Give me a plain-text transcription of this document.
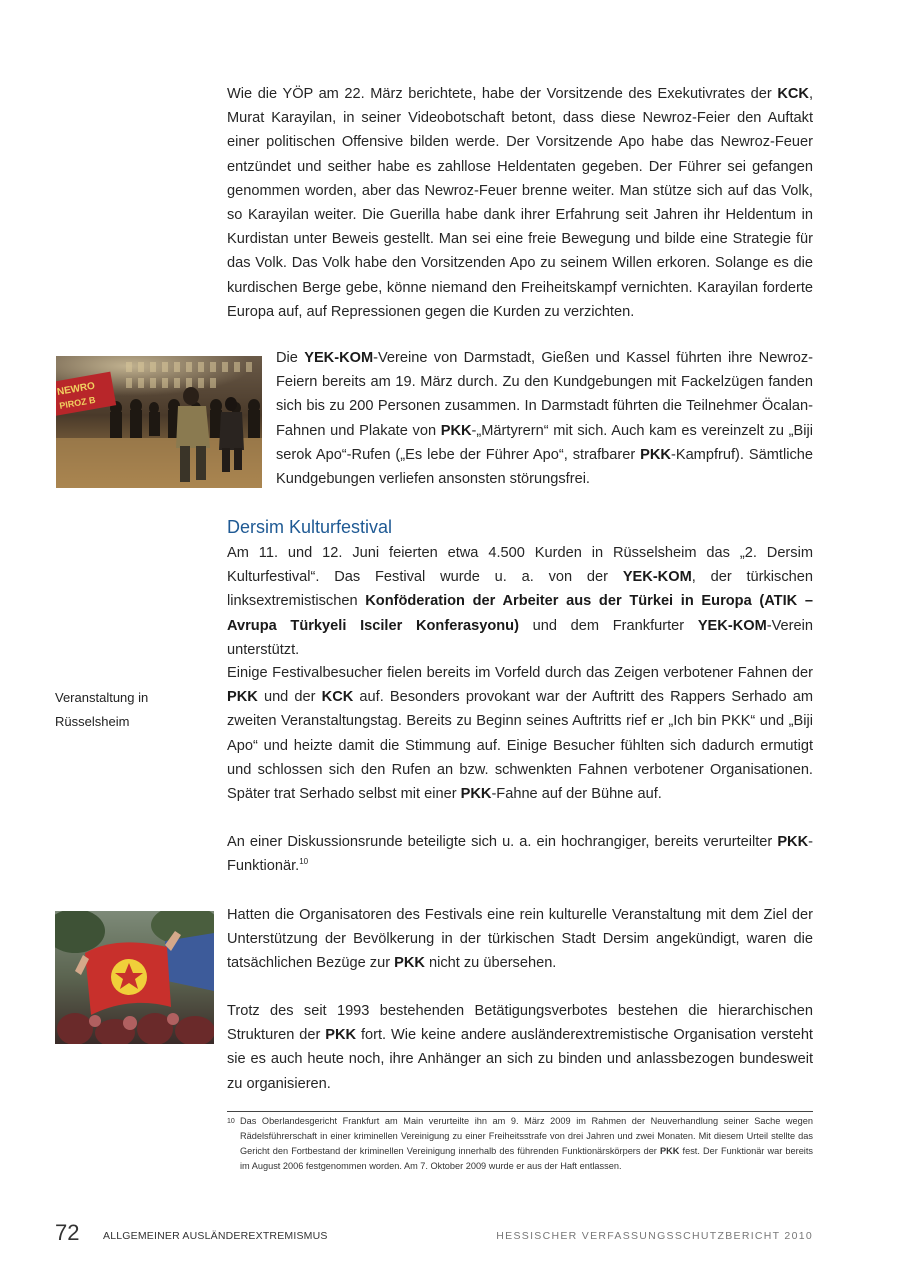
Wie die YÖP am 22. März berichtete, habe der Vorsitzende des Exekutivrates der KCK, Murat Karayilan, in seiner Videobotschaft betont, dass diese Newroz-Feier den Auftakt einer politischen Offensive bilden werde. Der Vorsitzende Apo habe das Newroz-Feuer entzündet und seither habe es zahllose Heldentaten gegeben. Der Führer sei gefangen genommen worden, aber das Newroz-Feuer brenne weiter. Man stütze sich auf das Volk, so Karayilan weiter. Die Guerilla habe dank ihrer Erfahrung seit Jahren ihr Heldentum in Kurdistan unter Beweis gestellt. Man sei eine freie Bewegung und bilde eine Strategie für das Volk. Das Volk habe den Vorsitzenden Apo zu seinem Willen erkoren. Solange es die kurdischen Berge gebe, könne niemand den Freiheitskampf vernichten. Karayilan forderte Europa auf, auf Repressionen gegen die Kurden zu verzichten.

NEWRO
PIROZ B

Die YEK-KOM-Vereine von Darmstadt, Gießen und Kassel führten ihre Newroz-Feiern bereits am 19. März durch. Zu den Kundgebungen mit Fackelzügen fanden sich bis zu 200 Personen zusammen. In Darmstadt führten die Teilnehmer Öcalan-Fahnen und Plakate von PKK-„Märtyrern“ mit sich. Auch kam es vereinzelt zu „Biji serok Apo“-Rufen („Es lebe der Führer Apo“, strafbarer PKK-Kampfruf). Sämtliche Kundgebungen verliefen ansonsten störungsfrei.

Dersim Kulturfestival

Am 11. und 12. Juni feierten etwa 4.500 Kurden in Rüsselsheim das „2. Dersim Kulturfestival“. Das Festival wurde u. a. von der YEK-KOM, der türkischen linksextremistischen Konföderation der Arbeiter aus der Türkei in Europa (ATIK – Avrupa Türkyeli Isciler Konferasyonu) und dem Frankfurter YEK-KOM-Verein unterstützt.

Veranstaltung in
Rüsselsheim

Einige Festivalbesucher fielen bereits im Vorfeld durch das Zeigen verbotener Fahnen der PKK und der KCK auf. Besonders provokant war der Auftritt des Rappers Serhado am zweiten Veranstaltungstag. Bereits zu Beginn seines Auftritts rief er „Ich bin PKK“ und „Biji Apo“ und heizte damit die Stimmung auf. Einige Besucher fühlten sich dadurch ermutigt und schlossen sich den Rufen an bzw. schwenkten Fahnen verbotener Organisationen. Später trat Serhado selbst mit einer PKK-Fahne auf der Bühne auf.

An einer Diskussionsrunde beteiligte sich u. a. ein hochrangiger, bereits verurteilter PKK-Funktionär.$^{10}$

Hatten die Organisatoren des Festivals eine rein kulturelle Veranstaltung mit dem Ziel der Unterstützung der Bevölkerung in der türkischen Stadt Dersim angekündigt, waren die tatsächlichen Bezüge zur PKK nicht zu übersehen.

Trotz des seit 1993 bestehenden Betätigungsverbotes bestehen die hierarchischen Strukturen der PKK fort. Wie keine andere ausländerextremistische Organisation versteht sie es auch heute noch, ihre Anhänger an sich zu binden und anlassbezogen bundesweit zu organisieren.

10 Das Oberlandesgericht Frankfurt am Main verurteilte ihn am 9. März 2009 im Rahmen der Neuverhandlung seiner Sache wegen Rädelsführerschaft in einer kriminellen Vereinigung zu einer Freiheitsstrafe von drei Jahren und zwei Monaten. Mit diesem Urteil stellte das Gericht den Fortbestand der kriminellen Vereinigung innerhalb des führenden Funktionärskörpers der PKK fest. Der Funktionär war bereits im August 2006 festgenommen worden. Am 7. Oktober 2009 wurde er aus der Haft entlassen.
72 ALLGEMEINER AUSLÄNDEREXTREMISMUS	HESSISCHER VERFASSUNGSSCHUTZBERICHT 2010
